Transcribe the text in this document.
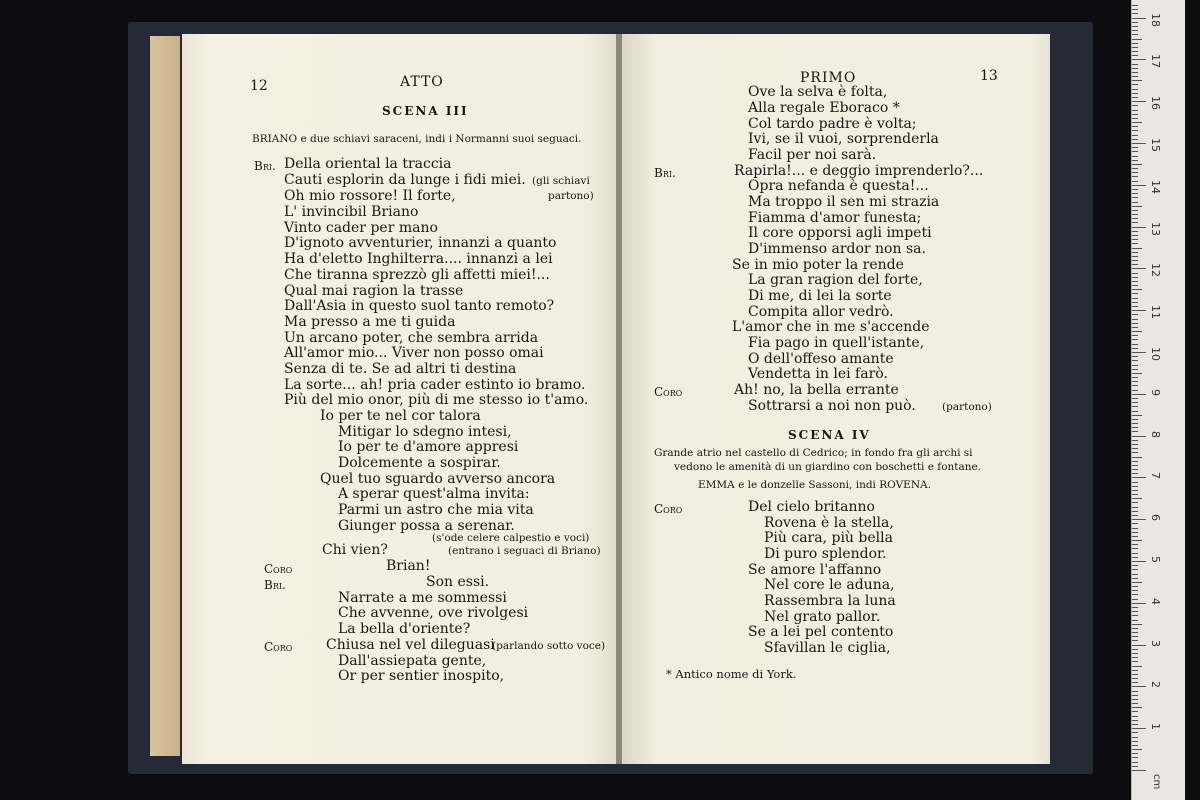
12	ATTO
SCENA III
BRIANO e due schiavi saraceni, indi i Normanni suoi seguaci.
Bri. Della oriental la traccia
Cauti esplorin da lunge i fidi miei. (gli schiavi
Oh mio rossore! Il forte,	partono)
L' invincibil Briano
Vinto cader per mano
D'ignoto avventurier, innanzi a quanto
Ha d'eletto Inghilterra.... innanzi a lei
Che tiranna sprezzò gli affetti miei!...
Qual mai ragion la trasse
Dall'Asia in questo suol tanto remoto?
Ma presso a me ti guida
Un arcano poter, che sembra arrida
All'amor mio... Viver non posso omai
Senza di te. Se ad altri ti destina
La sorte... ah! pria cader estinto io bramo.
Più del mio onor, più di me stesso io t'amo.
Io per te nel cor talora
Mitigar lo sdegno intesi,
Io per te d'amore appresi
Dolcemente a sospirar.
Quel tuo sguardo avverso ancora
A sperar quest'alma invita:
Parmi un astro che mia vita
Giunger possa a serenar.
(s'ode celere calpestio e voci)
Chi vien?	(entrano i seguaci di Briano)
Coro	Brian!
Bri.	Son essi.
Narrate a me sommessi
Che avvenne, ove rivolgesi
La bella d'oriente?
Coro Chiusa nel vel dileguasi
(parlando sotto voce)
Dall'assiepata gente,
Or per sentier inospito,
PRIMO	13
Ove la selva è folta,
Alla regale Eboraco *
Col tardo padre è volta;
Ivi, se il vuoi, sorprenderla
Facil per noi sarà.
Bri.	Rapirla!... e deggio imprenderlo?...
Opra nefanda è questa!...
Ma troppo il sen mi strazia
Fiamma d'amor funesta;
Il core opporsi agli impeti
D'immenso ardor non sa.
Se in mio poter la rende
La gran ragion del forte,
Di me, di lei la sorte
Compita allor vedrò.
L'amor che in me s'accende
Fia pago in quell'istante,
O dell'offeso amante
Vendetta in lei farò.
Coro	Ah! no, la bella errante
Sottrarsi a noi non può. (partono)
SCENA IV
Grande atrio nel castello di Cedrico; in fondo fra gli archi si
vedono le amenità di un giardino con boschetti e fontane.
EMMA e le donzelle Sassoni, indi ROVENA.
Coro	Del cielo britanno
Rovena è la stella,
Più cara, più bella
Di puro splendor.
Se amore l'affanno
Nel core le aduna,
Rassembra la luna
Nel grato pallor.
Se a lei pel contento
Sfavillan le ciglia,
* Antico nome di York.
1
2
3
4
5
6
7
8
9
10
11
12
13
14
15
16
17
18
cm
